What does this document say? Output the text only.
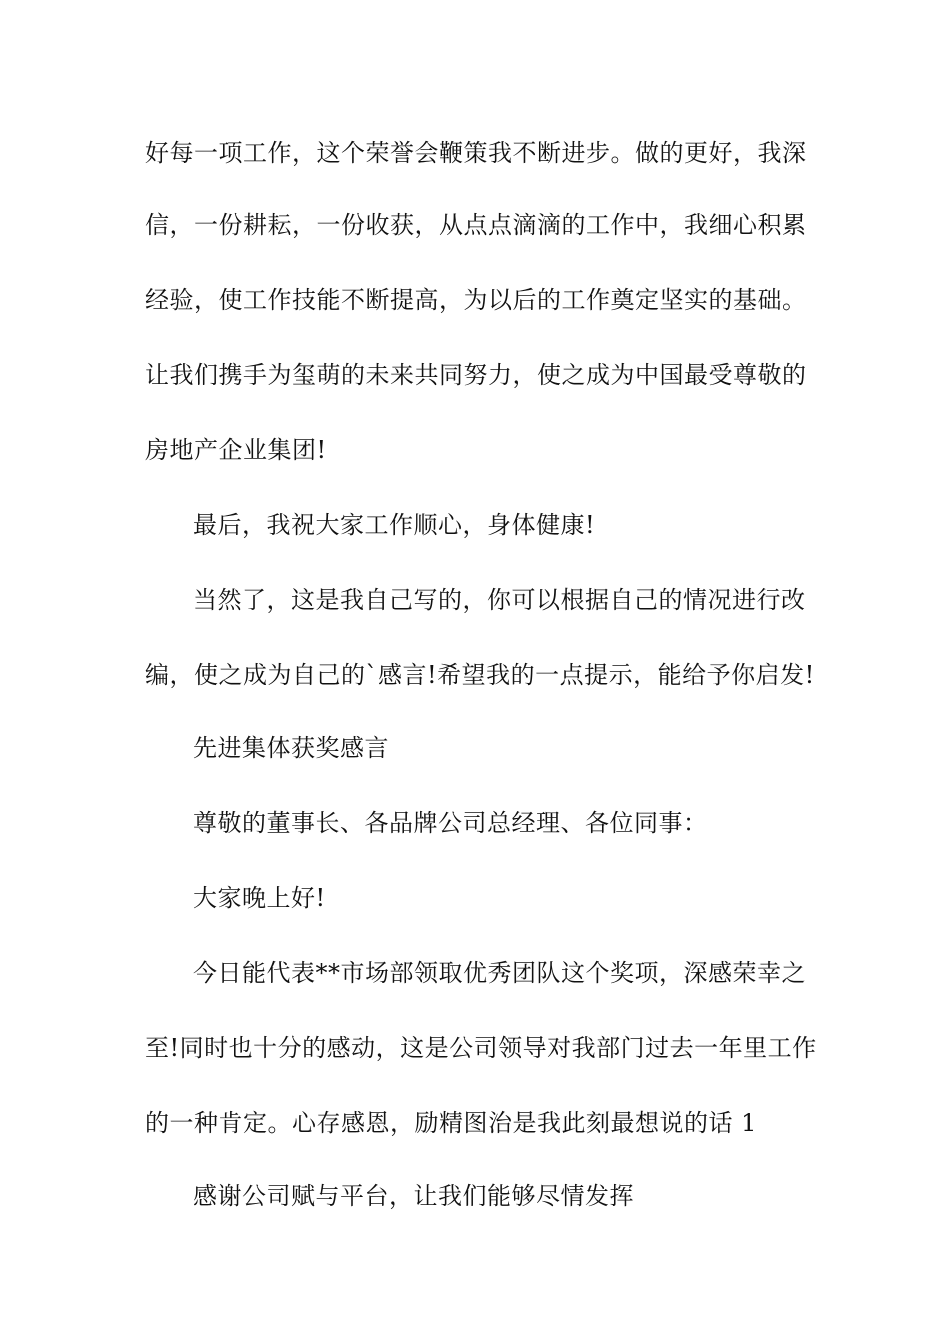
好每一项工作，这个荣誉会鞭策我不断进步。做的更好，我深
信，一份耕耘，一份收获，从点点滴滴的工作中，我细心积累
经验，使工作技能不断提高，为以后的工作奠定坚实的基础。
让我们携手为玺萌的未来共同努力，使之成为中国最受尊敬的
房地产企业集团!
最后，我祝大家工作顺心，身体健康!
当然了，这是我自己写的，你可以根据自己的情况进行改
编，使之成为自己的`感言!希望我的一点提示，能给予你启发!
先进集体获奖感言
尊敬的董事长、各品牌公司总经理、各位同事：
大家晚上好!
今日能代表**市场部领取优秀团队这个奖项，深感荣幸之
至!同时也十分的感动，这是公司领导对我部门过去一年里工作
的一种肯定。心存感恩，励精图治是我此刻最想说的话 1
感谢公司赋与平台，让我们能够尽情发挥
